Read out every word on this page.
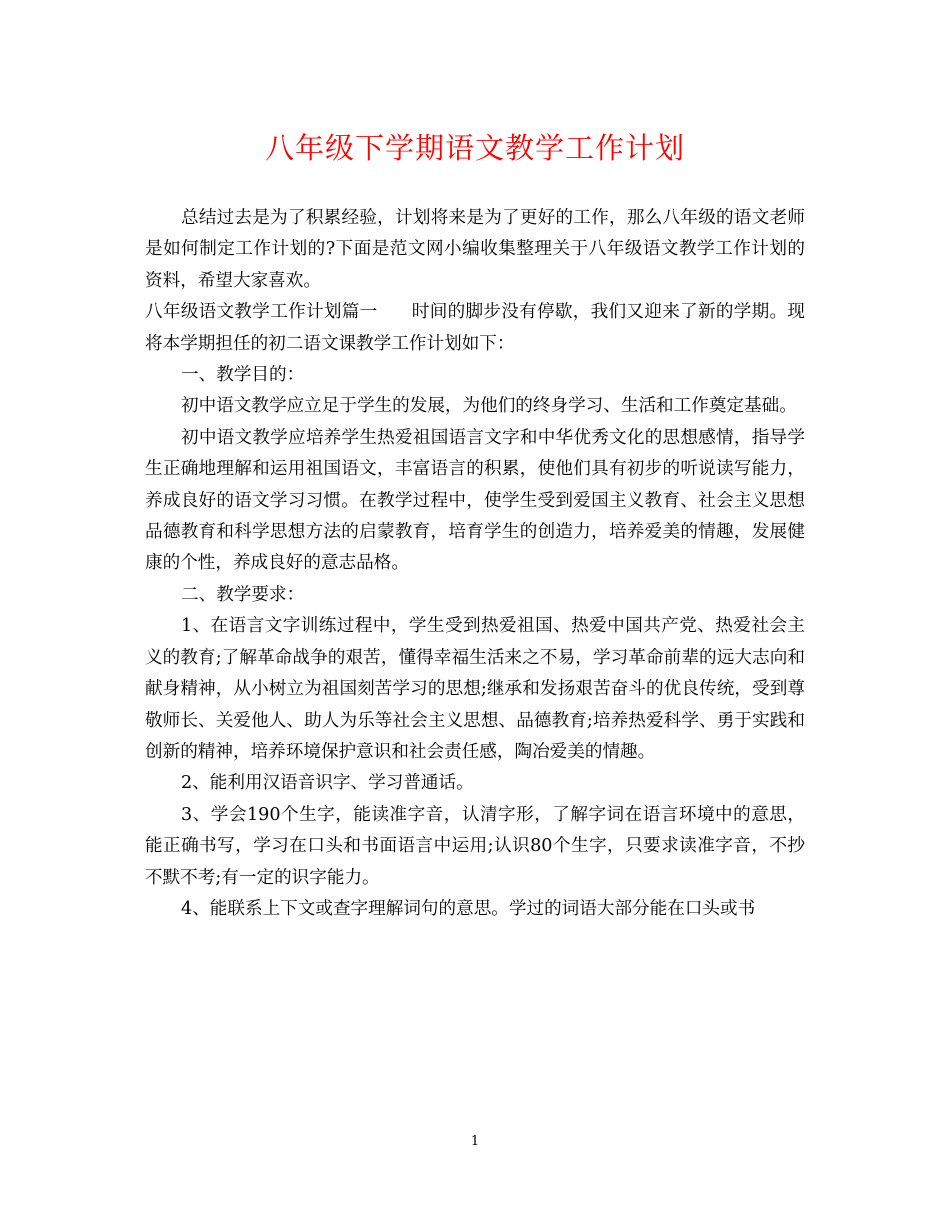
八年级下学期语文教学工作计划

总结过去是为了积累经验，计划将来是为了更好的工作，那么八年级的语文老师是如何制定工作计划的?下面是范文网小编收集整理关于八年级语文教学工作计划的资料，希望大家喜欢。

八年级语文教学工作计划篇一 时间的脚步没有停歇，我们又迎来了新的学期。现将本学期担任的初二语文课教学工作计划如下：

一、教学目的：

初中语文教学应立足于学生的发展，为他们的终身学习、生活和工作奠定基础。

初中语文教学应培养学生热爱祖国语言文字和中华优秀文化的思想感情，指导学生正确地理解和运用祖国语文，丰富语言的积累，使他们具有初步的听说读写能力，养成良好的语文学习习惯。在教学过程中，使学生受到爱国主义教育、社会主义思想品德教育和科学思想方法的启蒙教育，培育学生的创造力，培养爱美的情趣，发展健康的个性，养成良好的意志品格。

二、教学要求：

1、在语言文字训练过程中，学生受到热爱祖国、热爱中国共产党、热爱社会主义的教育;了解革命战争的艰苦，懂得幸福生活来之不易，学习革命前辈的远大志向和献身精神，从小树立为祖国刻苦学习的思想;继承和发扬艰苦奋斗的优良传统，受到尊敬师长、关爱他人、助人为乐等社会主义思想、品德教育;培养热爱科学、勇于实践和创新的精神，培养环境保护意识和社会责任感，陶冶爱美的情趣。

2、能利用汉语音识字、学习普通话。

3、学会190个生字，能读准字音，认清字形，了解字词在语言环境中的意思，能正确书写，学习在口头和书面语言中运用;认识80个生字，只要求读准字音，不抄不默不考;有一定的识字能力。

4、能联系上下文或查字理解词句的意思。学过的词语大部分能在口头或书

1
